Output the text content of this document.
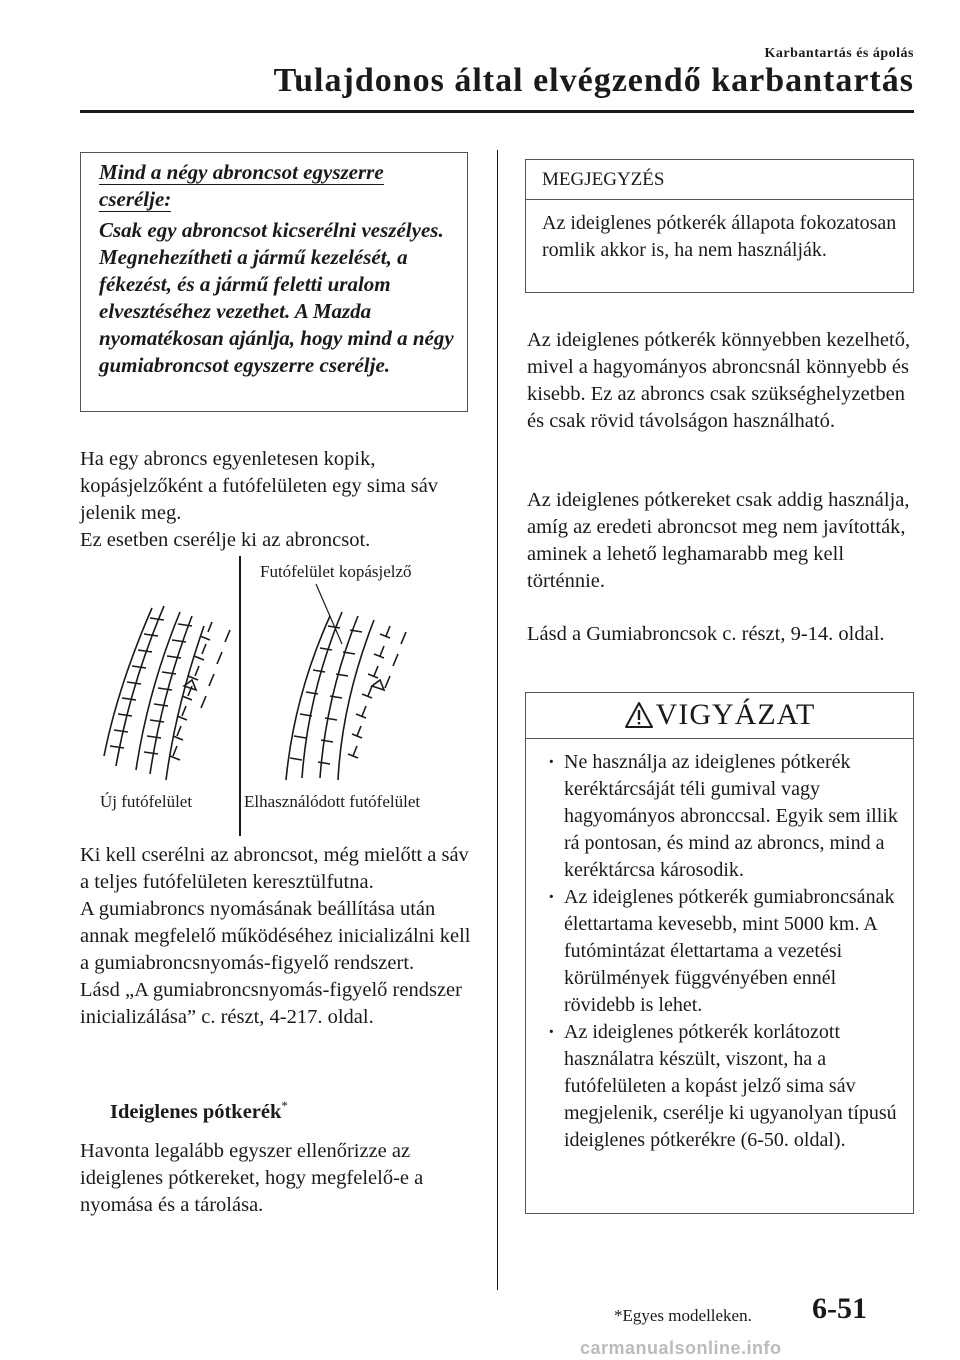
Karbantartás és ápolás
Tulajdonos által elvégzendő karbantartás
Mind a négy abroncsot egyszerre cserélje:
Csak egy abroncsot kicserélni veszélyes. Megnehezítheti a jármű kezelését, a fékezést, és a jármű feletti uralom elvesztéséhez vezethet. A Mazda nyomatékosan ajánlja, hogy mind a négy gumiabroncsot egyszerre cserélje.
Ha egy abroncs egyenletesen kopik, kopásjelzőként a futófelületen egy sima sáv jelenik meg.
Ez esetben cserélje ki az abroncsot.
Futófelület kopásjelző
Új futófelület	Elhasználódott futófelület
Ki kell cserélni az abroncsot, még mielőtt a sáv a teljes futófelületen keresztülfutna.
A gumiabroncs nyomásának beállítása után annak megfelelő működéséhez inicializálni kell a gumiabroncsnyomás-figyelő rendszert.
Lásd „A gumiabroncsnyomás-figyelő rendszer inicializálása” c. részt, 4-217. oldal.
Ideiglenes pótkerék*
Havonta legalább egyszer ellenőrizze az ideiglenes pótkereket, hogy megfelelő-e a nyomása és a tárolása.
MEGJEGYZÉS
Az ideiglenes pótkerék állapota fokozatosan romlik akkor is, ha nem használják.
Az ideiglenes pótkerék könnyebben kezelhető, mivel a hagyományos abroncsnál könnyebb és kisebb. Ez az abroncs csak szükséghelyzetben és csak rövid távolságon használható.
Az ideiglenes pótkereket csak addig használja, amíg az eredeti abroncsot meg nem javították, aminek a lehető leghamarabb meg kell történnie.
Lásd a Gumiabroncsok c. részt, 9-14. oldal.
VIGYÁZAT
· Ne használja az ideiglenes pótkerék keréktárcsáját téli gumival vagy hagyományos abronccsal. Egyik sem illik rá pontosan, és mind az abroncs, mind a keréktárcsa károsodik.
· Az ideiglenes pótkerék gumiabroncsának élettartama kevesebb, mint 5000 km. A futómintázat élettartama a vezetési körülmények függvényében ennél rövidebb is lehet.
· Az ideiglenes pótkerék korlátozott használatra készült, viszont, ha a futófelületen a kopást jelző sima sáv megjelenik, cserélje ki ugyanolyan típusú ideiglenes pótkerékre (6-50. oldal).
*Egyes modelleken. 6-51
carmanualsonline.info
